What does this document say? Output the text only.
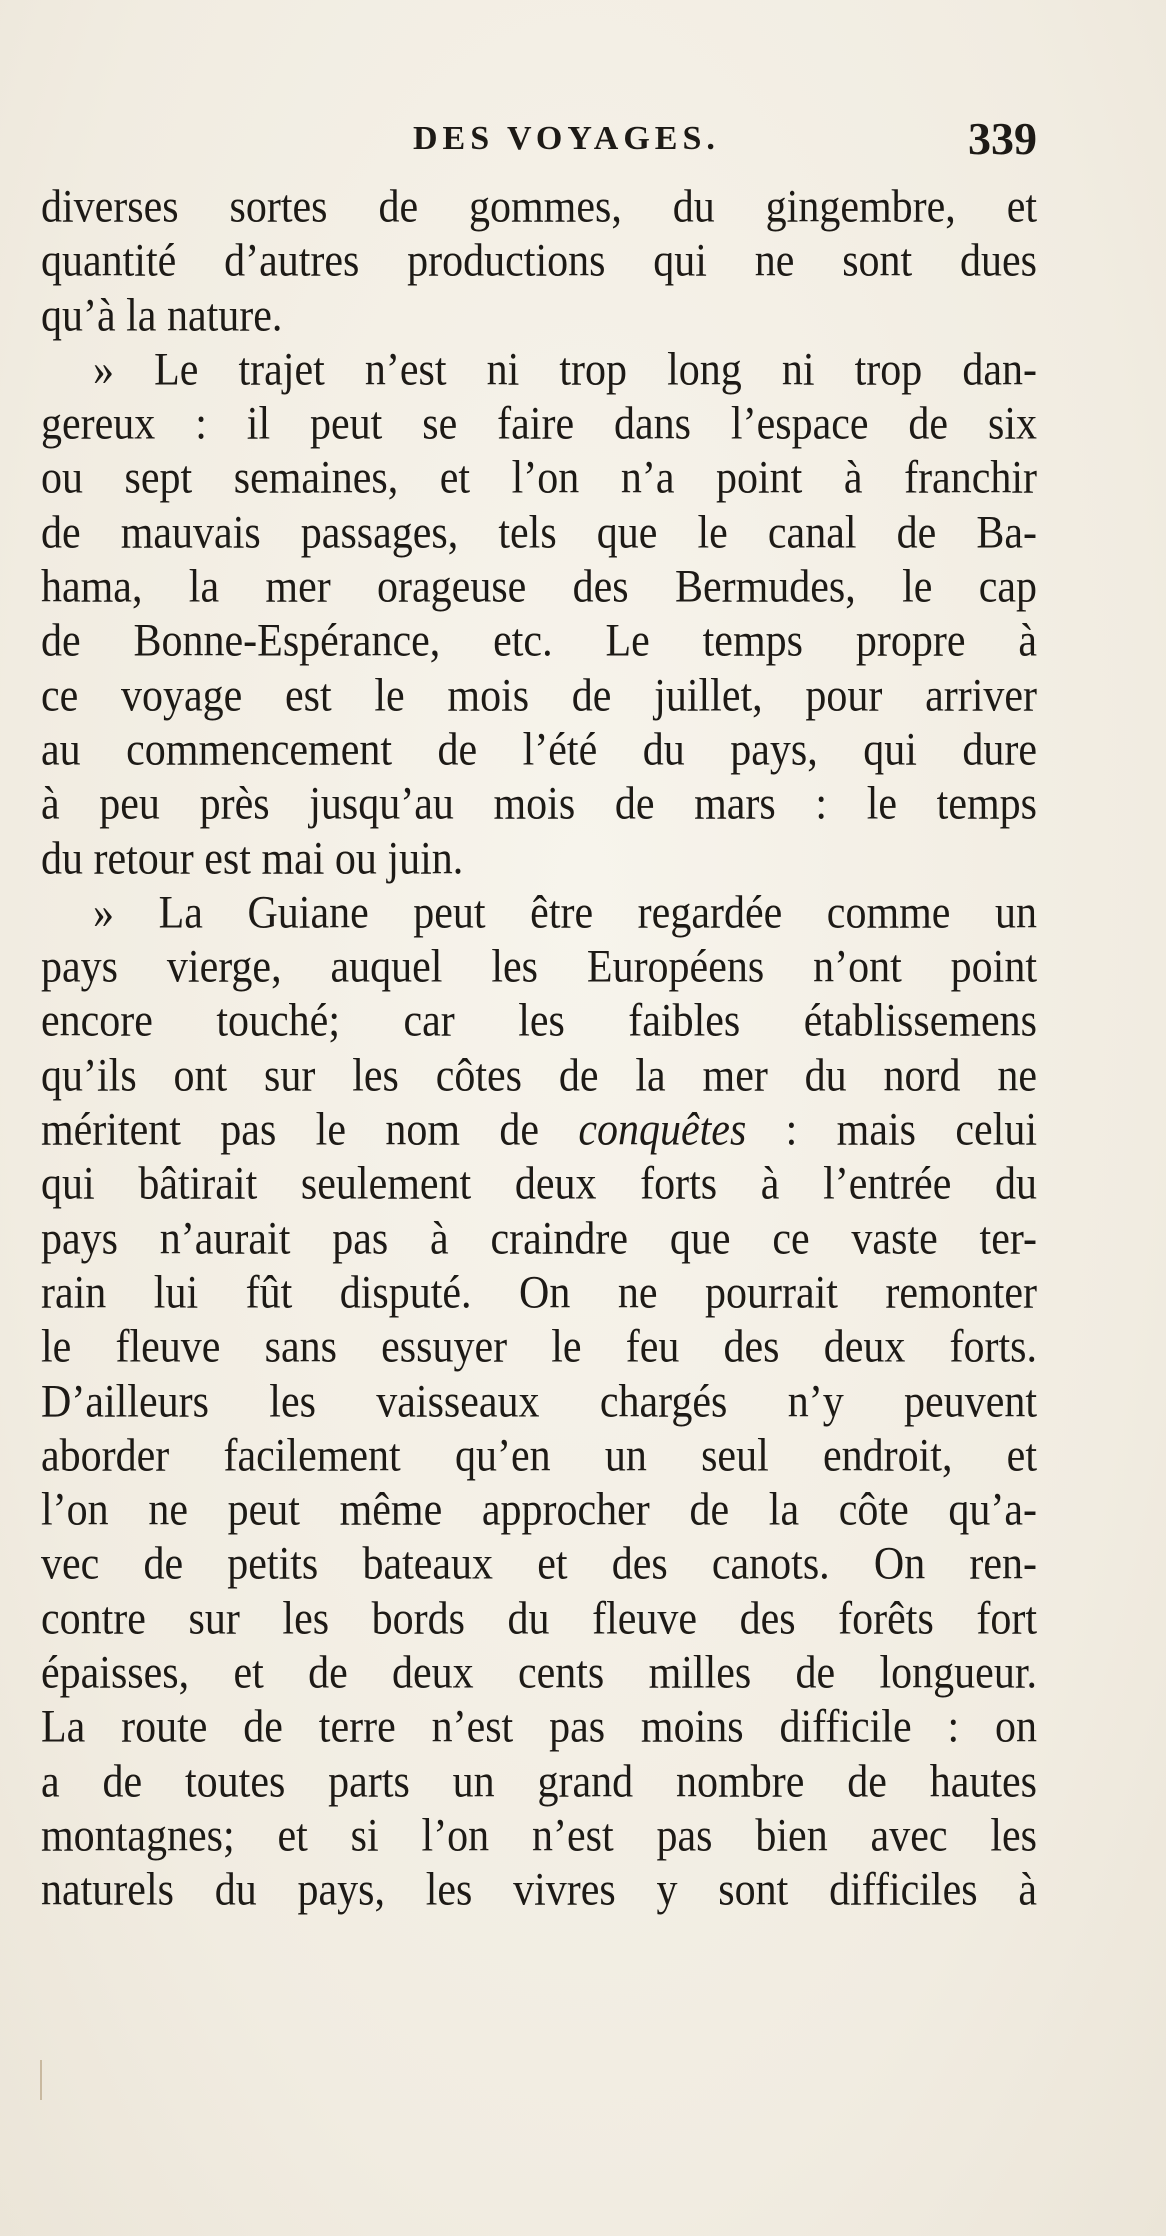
DES VOYAGES.	339
diverses sortes de gommes, du gingembre, et
quantité d’autres productions qui ne sont dues
qu’à la nature.
» Le trajet n’est ni trop long ni trop dan-
gereux : il peut se faire dans l’espace de six
ou sept semaines, et l’on n’a point à franchir
de mauvais passages, tels que le canal de Ba-
hama, la mer orageuse des Bermudes, le cap
de Bonne-Espérance, etc. Le temps propre à
ce voyage est le mois de juillet, pour arriver
au commencement de l’été du pays, qui dure
à peu près jusqu’au mois de mars : le temps
du retour est mai ou juin.
» La Guiane peut être regardée comme un
pays vierge, auquel les Européens n’ont point
encore touché; car les faibles établissemens
qu’ils ont sur les côtes de la mer du nord ne
méritent pas le nom de conquêtes : mais celui
qui bâtirait seulement deux forts à l’entrée du
pays n’aurait pas à craindre que ce vaste ter-
rain lui fût disputé. On ne pourrait remonter
le fleuve sans essuyer le feu des deux forts.
D’ailleurs les vaisseaux chargés n’y peuvent
aborder facilement qu’en un seul endroit, et
l’on ne peut même approcher de la côte qu’a-
vec de petits bateaux et des canots. On ren-
contre sur les bords du fleuve des forêts fort
épaisses, et de deux cents milles de longueur.
La route de terre n’est pas moins difficile : on
a de toutes parts un grand nombre de hautes
montagnes; et si l’on n’est pas bien avec les
naturels du pays, les vivres y sont difficiles à
